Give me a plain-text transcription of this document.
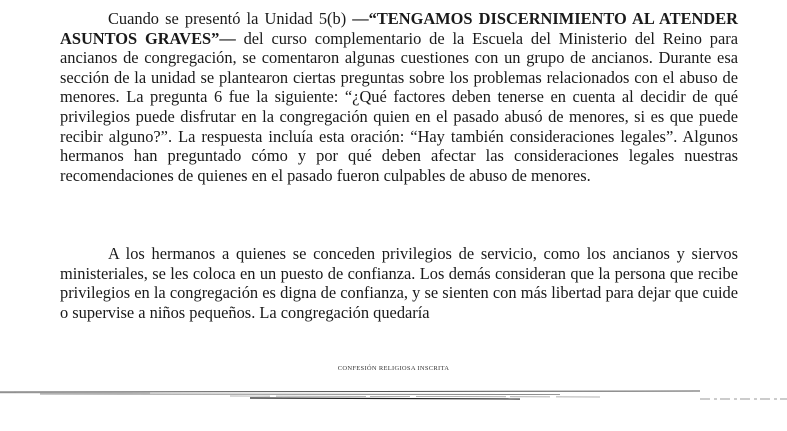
Cuando se presentó la Unidad 5(b) —“TENGAMOS DISCERNIMIENTO AL ATENDER ASUNTOS GRAVES”— del curso complementario de la Escuela del Ministerio del Reino para ancianos de congregación, se comentaron algunas cuestiones con un grupo de ancianos. Durante esa sección de la unidad se plantearon ciertas preguntas sobre los problemas relacionados con el abuso de menores. La pregunta 6 fue la siguiente: “¿Qué factores deben tenerse en cuenta al decidir de qué privilegios puede disfrutar en la congregación quien en el pasado abusó de menores, si es que puede recibir alguno?”. La respuesta incluía esta oración: “Hay también consideraciones legales”. Algunos hermanos han preguntado cómo y por qué deben afectar las consideraciones legales nuestras recomendaciones de quienes en el pasado fueron culpables de abuso de menores.

A los hermanos a quienes se conceden privilegios de servicio, como los ancianos y siervos ministeriales, se les coloca en un puesto de confianza. Los demás consideran que la persona que recibe privilegios en la congregación es digna de confianza, y se sienten con más libertad para dejar que cuide o supervise a niños pequeños. La congregación quedaría

CONFESIÓN RELIGIOSA INSCRITA
